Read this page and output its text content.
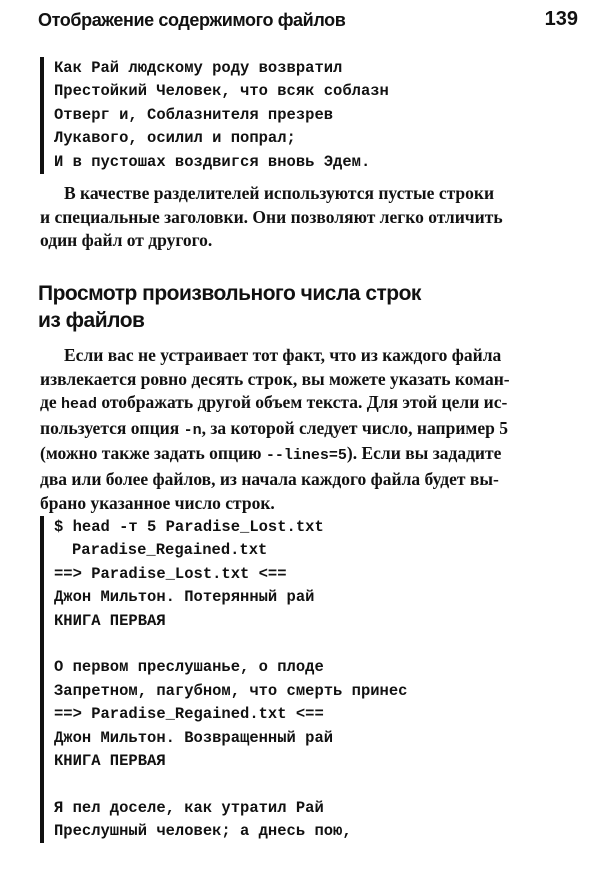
Отображение содержимого файлов	139
Как Рай людскому роду возвратил
Престойкий Человек, что всяк соблазн
Отверг и, Соблазнителя презрев
Лукавого, осилил и попрал;
И в пустошах воздвигся вновь Эдем.
В качестве разделителей используются пустые строки
и специальные заголовки. Они позволяют легко отличить
один файл от другого.
Просмотр произвольного числа строк
из файлов
Если вас не устраивает тот факт, что из каждого файла
извлекается ровно десять строк, вы можете указать коман-
де head отображать другой объем текста. Для этой цели ис-
пользуется опция -n, за которой следует число, например 5
(можно также задать опцию --lines=5). Если вы зададите
два или более файлов, из начала каждого файла будет вы-
брано указанное число строк.
$ head -т 5 Paradise_Lost.txt
Paradise_Regained.txt
==> Paradise_Lost.txt <==
Джон Мильтон. Потерянный рай
КНИГА ПЕРВАЯ
О первом преслушанье, о плоде
Запретном, пагубном, что смерть принес
==> Paradise_Regained.txt <==
Джон Мильтон. Возвращенный рай
КНИГА ПЕРВАЯ
Я пел доселе, как утратил Рай
Преслушный человек; а днесь пою,
